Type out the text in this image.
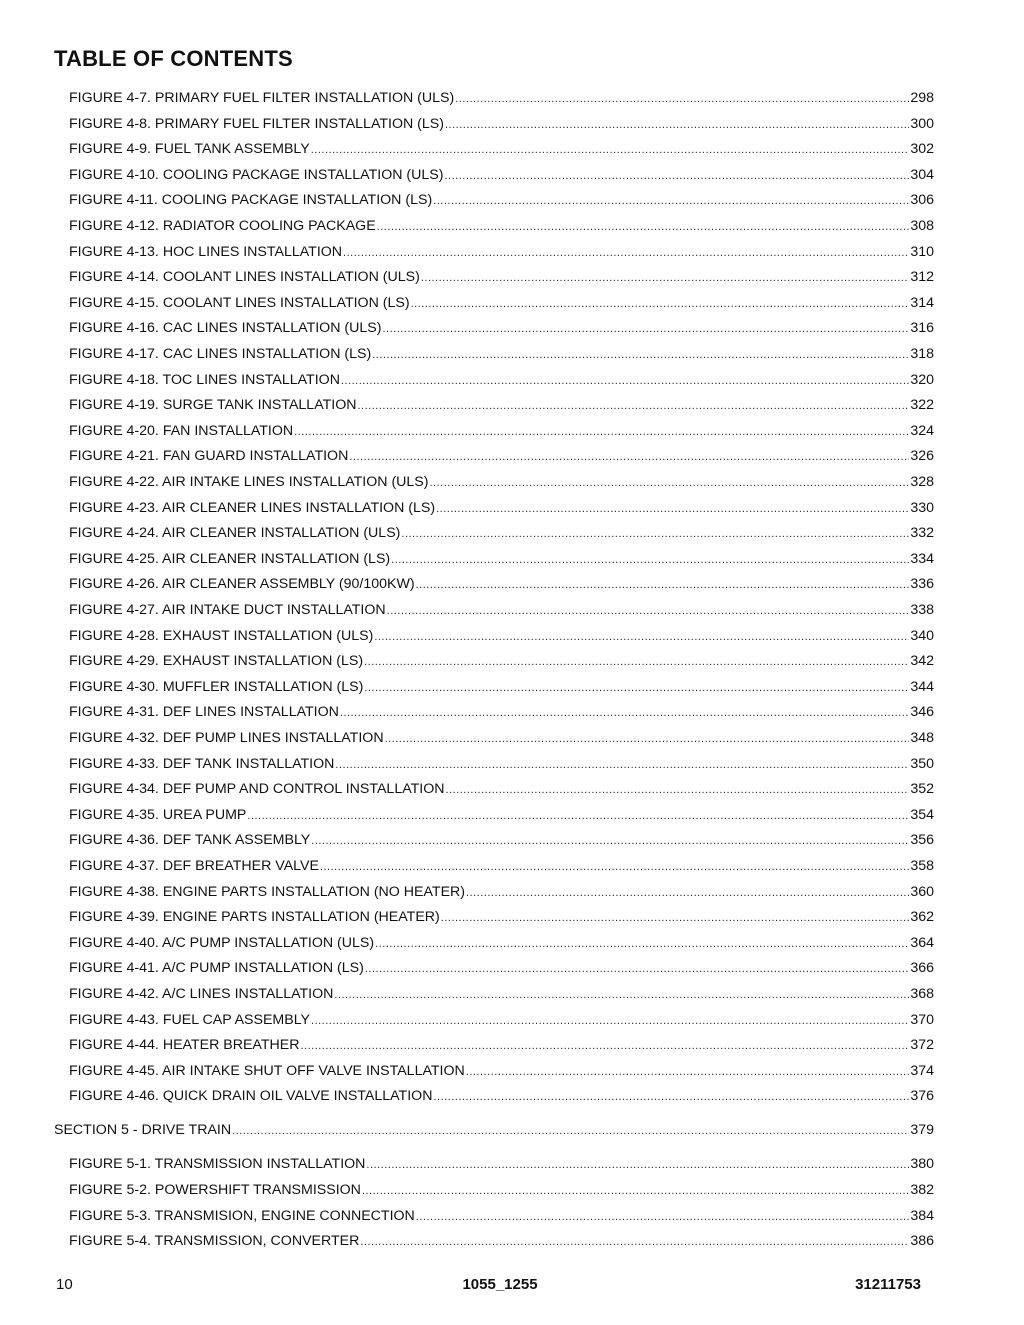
TABLE OF CONTENTS
FIGURE 4-7. PRIMARY FUEL FILTER INSTALLATION (ULS) .....	298
FIGURE 4-8. PRIMARY FUEL FILTER INSTALLATION (LS) .....	300
FIGURE 4-9. FUEL TANK ASSEMBLY .....	302
FIGURE 4-10. COOLING PACKAGE INSTALLATION (ULS) .....	304
FIGURE 4-11. COOLING PACKAGE INSTALLATION (LS) .....	306
FIGURE 4-12. RADIATOR COOLING PACKAGE .....	308
FIGURE 4-13. HOC LINES INSTALLATION .....	310
FIGURE 4-14. COOLANT LINES INSTALLATION (ULS) .....	312
FIGURE 4-15. COOLANT LINES INSTALLATION (LS) .....	314
FIGURE 4-16. CAC LINES INSTALLATION (ULS) .....	316
FIGURE 4-17. CAC LINES INSTALLATION (LS) .....	318
FIGURE 4-18. TOC LINES INSTALLATION .....	320
FIGURE 4-19. SURGE TANK INSTALLATION .....	322
FIGURE 4-20. FAN INSTALLATION .....	324
FIGURE 4-21. FAN GUARD INSTALLATION .....	326
FIGURE 4-22. AIR INTAKE LINES INSTALLATION (ULS) .....	328
FIGURE 4-23. AIR CLEANER LINES INSTALLATION (LS) .....	330
FIGURE 4-24. AIR CLEANER INSTALLATION (ULS) .....	332
FIGURE 4-25. AIR CLEANER INSTALLATION (LS) .....	334
FIGURE 4-26. AIR CLEANER ASSEMBLY (90/100KW) .....	336
FIGURE 4-27. AIR INTAKE DUCT INSTALLATION .....	338
FIGURE 4-28. EXHAUST INSTALLATION (ULS) .....	340
FIGURE 4-29. EXHAUST INSTALLATION (LS) .....	342
FIGURE 4-30. MUFFLER INSTALLATION (LS) .....	344
FIGURE 4-31. DEF LINES INSTALLATION .....	346
FIGURE 4-32. DEF PUMP LINES INSTALLATION .....	348
FIGURE 4-33. DEF TANK INSTALLATION .....	350
FIGURE 4-34. DEF PUMP AND CONTROL INSTALLATION .....	352
FIGURE 4-35. UREA PUMP .....	354
FIGURE 4-36. DEF TANK ASSEMBLY .....	356
FIGURE 4-37. DEF BREATHER VALVE .....	358
FIGURE 4-38. ENGINE PARTS INSTALLATION (NO HEATER) .....	360
FIGURE 4-39. ENGINE PARTS INSTALLATION (HEATER) .....	362
FIGURE 4-40. A/C PUMP INSTALLATION (ULS) .....	364
FIGURE 4-41. A/C PUMP INSTALLATION (LS) .....	366
FIGURE 4-42. A/C LINES INSTALLATION .....	368
FIGURE 4-43. FUEL CAP ASSEMBLY .....	370
FIGURE 4-44. HEATER BREATHER .....	372
FIGURE 4-45. AIR INTAKE SHUT OFF VALVE INSTALLATION .....	374
FIGURE 4-46. QUICK DRAIN OIL VALVE INSTALLATION .....	376
SECTION 5 - DRIVE TRAIN .....	379
FIGURE 5-1. TRANSMISSION INSTALLATION .....	380
FIGURE 5-2. POWERSHIFT TRANSMISSION .....	382
FIGURE 5-3. TRANSMISION, ENGINE CONNECTION .....	384
FIGURE 5-4. TRANSMISSION, CONVERTER .....	386
10	1055_1255	31211753
